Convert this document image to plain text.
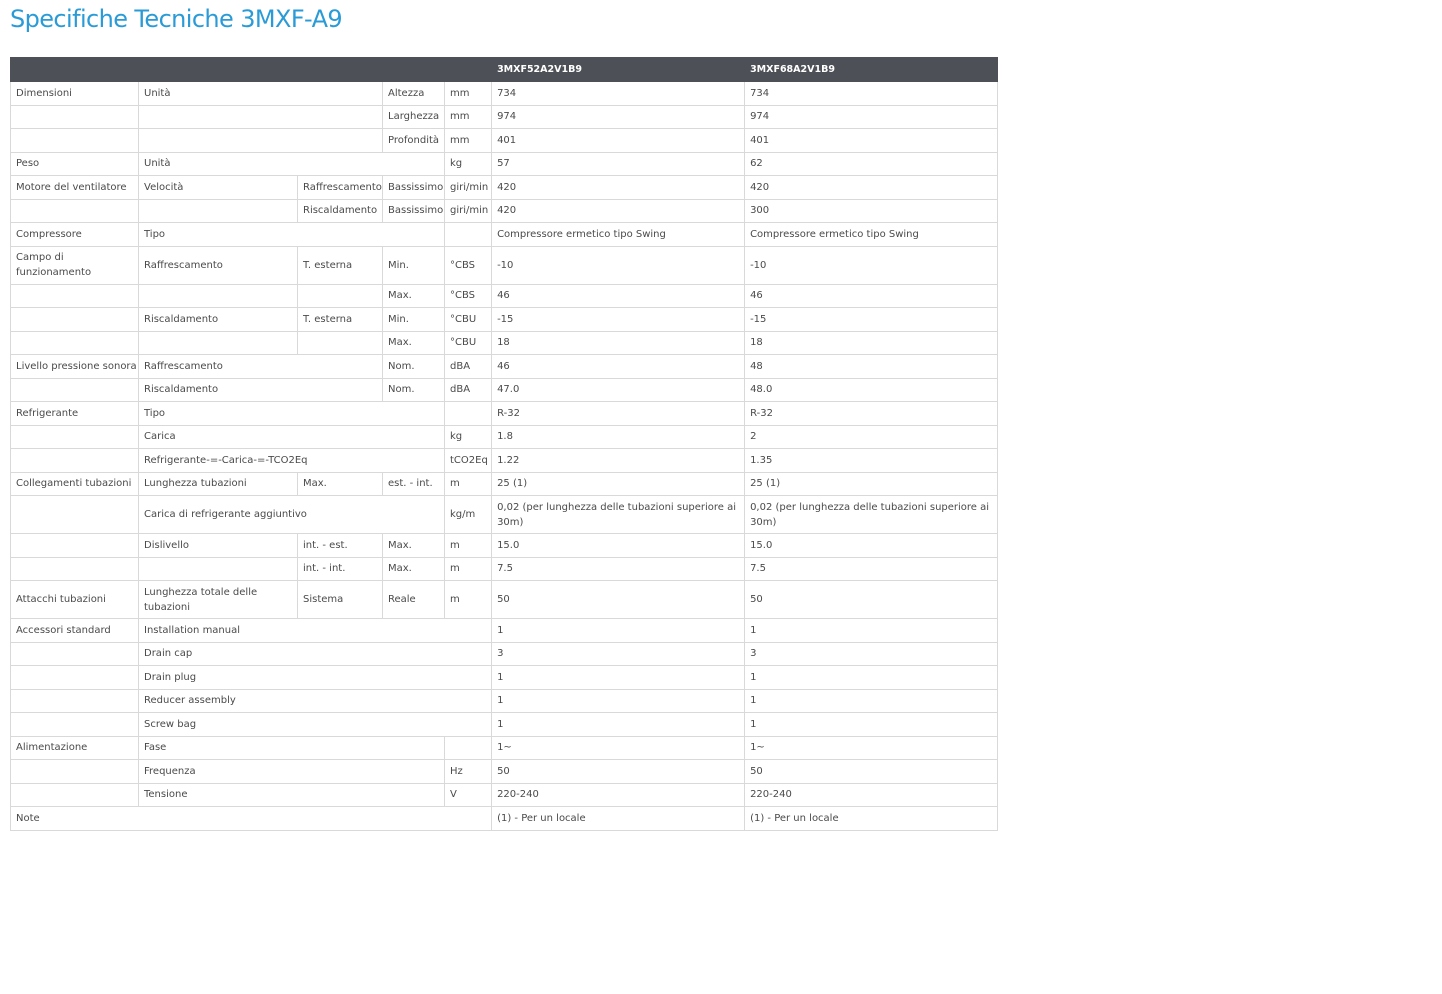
Specifiche Tecniche 3MXF-A9
					3MXF52A2V1B9	3MXF68A2V1B9
Dimensioni	Unità		Altezza	mm	734	734
			Larghezza	mm	974	974
			Profondità	mm	401	401
Peso	Unità			kg	57	62
Motore del ventilatore	Velocità	Raffrescamento	Bassissimo	giri/min	420	420
		Riscaldamento	Bassissimo	giri/min	420	300
Compressore	Tipo				Compressore ermetico tipo Swing	Compressore ermetico tipo Swing
Campo di funzionamento	Raffrescamento	T. esterna	Min.	°CBS	-10	-10
			Max.	°CBS	46	46
	Riscaldamento	T. esterna	Min.	°CBU	-15	-15
			Max.	°CBU	18	18
Livello pressione sonora	Raffrescamento		Nom.	dBA	46	48
	Riscaldamento		Nom.	dBA	47.0	48.0
Refrigerante	Tipo				R-32	R-32
	Carica			kg	1.8	2
	Refrigerante-=-Carica-=-TCO2Eq			tCO2Eq	1.22	1.35
Collegamenti tubazioni	Lunghezza tubazioni	Max.	est. - int.	m	25 (1)	25 (1)
	Carica di refrigerante aggiuntivo			kg/m	0,02 (per lunghezza delle tubazioni superiore ai 30m)	0,02 (per lunghezza delle tubazioni superiore ai 30m)
	Dislivello	int. - est.	Max.	m	15.0	15.0
		int. - int.	Max.	m	7.5	7.5
Attacchi tubazioni	Lunghezza totale delle tubazioni	Sistema	Reale	m	50	50
Accessori standard	Installation manual				1	1
	Drain cap				3	3
	Drain plug				1	1
	Reducer assembly				1	1
	Screw bag				1	1
Alimentazione	Fase				1~	1~
	Frequenza			Hz	50	50
	Tensione			V	220-240	220-240
Note					(1) - Per un locale	(1) - Per un locale
